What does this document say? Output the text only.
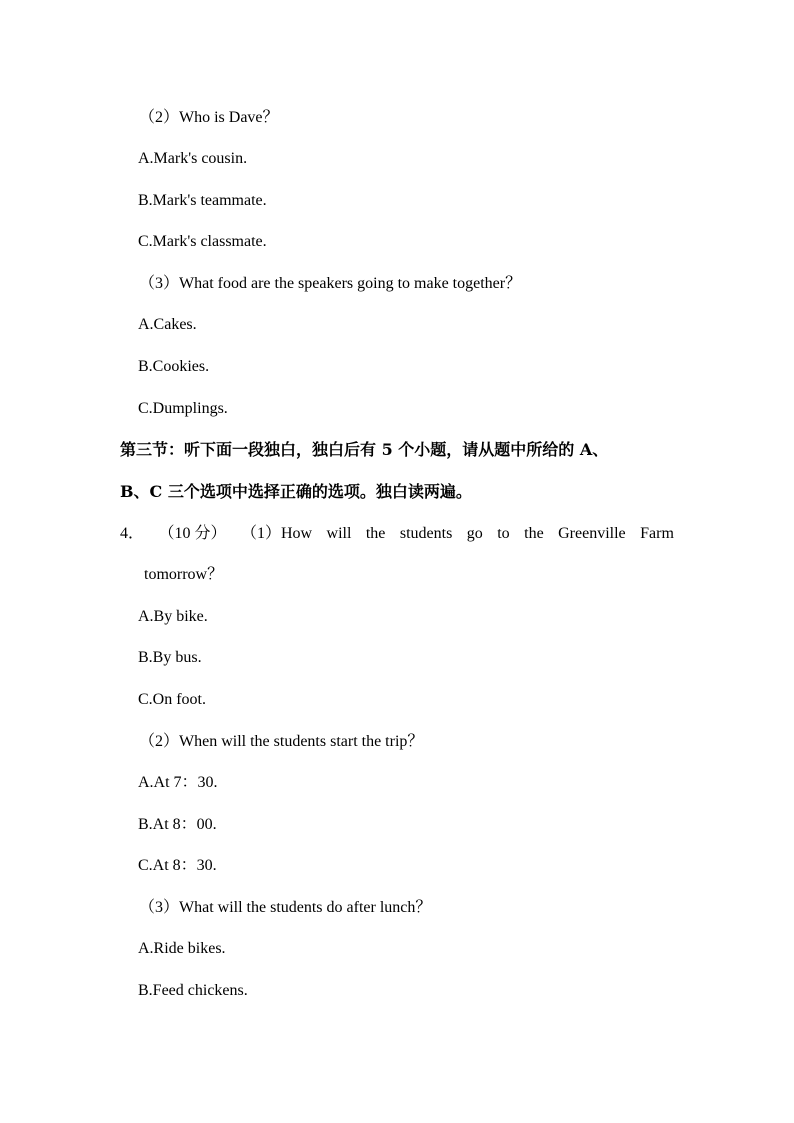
（2）Who is Dave？
A.Mark's cousin.
B.Mark's teammate.
C.Mark's classmate.
（3）What food are the speakers going to make together？
A.Cakes.
B.Cookies.
C.Dumplings.
第三节：听下面一段独白，独白后有 5 个小题，请从题中所给的 A、
B、C 三个选项中选择正确的选项。独白读两遍。
4． （10 分） （1）How will the students go to the Greenville Farm
tomorrow？
A.By bike.
B.By bus.
C.On foot.
（2）When will the students start the trip？
A.At 7：30.
B.At 8：00.
C.At 8：30.
（3）What will the students do after lunch？
A.Ride bikes.
B.Feed chickens.
